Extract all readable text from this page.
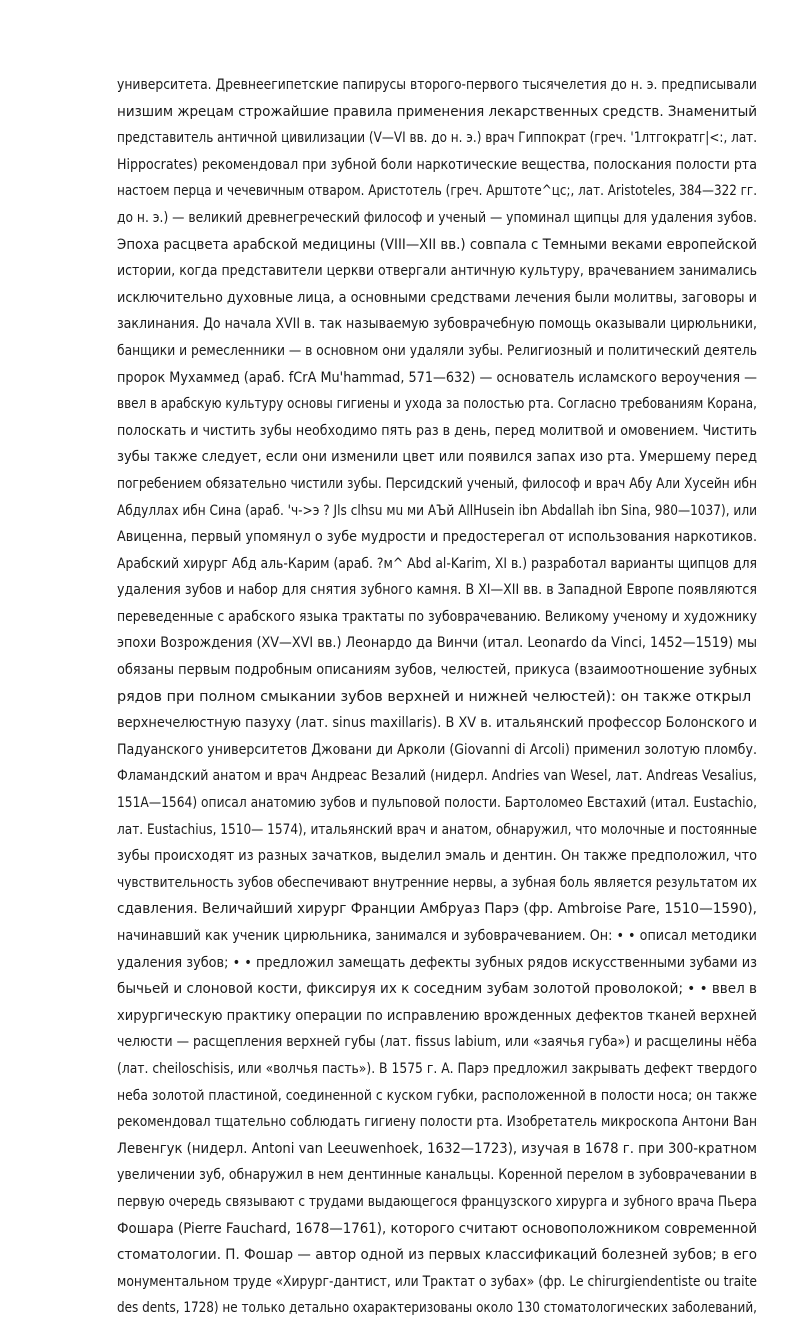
университета. Древнеегипетские папирусы второго-первого тысячелетия до н. э. предписывали
низшим жрецам строжайшие правила применения лекарственных средств. Знаменитый
представитель античной цивилизации (V—VI вв. до н. э.) врач Гиппократ (греч. '1лтгократг|<:, лат.
Hippocrates) рекомендовал при зубной боли наркотические вещества, полоскания полости рта
настоем перца и чечевичным отваром. Аристотель (греч. Арштоте^цс;, лат. Aristoteles, 384—322 гг.
до н. э.) — великий древнегреческий философ и ученый — упоминал щипцы для удаления зубов.
Эпоха расцвета арабской медицины (VIII—XII вв.) совпала с Темными веками европейской
истории, когда представители церкви отвергали античную культуру, врачеванием занимались
исключительно духовные лица, а основными средствами лечения были молитвы, заговоры и
заклинания. До начала XVII в. так называемую зубоврачебную помощь оказывали цирюльники,
банщики и ремесленники — в основном они удаляли зубы. Религиозный и политический деятель
пророк Мухаммед (араб. fCrA Mu'hammad, 571—632) — основатель исламского вероучения —
ввел в арабскую культуру основы гигиены и ухода за полостью рта. Согласно требованиям Корана,
полоскать и чистить зубы необходимо пять раз в день, перед молитвой и омовением. Чистить
зубы также следует, если они изменили цвет или появился запах изо рта. Умершему перед
погребением обязательно чистили зубы. Персидский ученый, философ и врач Абу Али Хусейн ибн
Абдуллах ибн Сина (араб. 'ч->э ? Jls clhsu мu ми АЪй AllHusein ibn Abdallah ibn Sina, 980—1037), или
Авиценна, первый упомянул о зубе мудрости и предостерегал от использования наркотиков.
Арабский хирург Абд аль-Карим (араб. ?м^ Abd al-Karim, XI в.) разработал варианты щипцов для
удаления зубов и набор для снятия зубного камня. В XI—XII вв. в Западной Европе появляются
переведенные с арабского языка трактаты по зубоврачеванию. Великому ученому и художнику
эпохи Возрождения (XV—XVI вв.) Леонардо да Винчи (итал. Leonardo da Vinci, 1452—1519) мы
обязаны первым подробным описаниям зубов, челюстей, прикуса (взаимоотношение зубных
рядов при полном смыкании зубов верхней и нижней челюстей): он также открыл
верхнечелюстную пазуху (лат. sinus maxillaris). В XV в. итальянский профессор Болонского и
Падуанского университетов Джовани ди Арколи (Giovanni di Arcoli) применил золотую пломбу.
Фламандский анатом и врач Андреас Везалий (нидерл. Andries van Wesel, лат. Andreas Vesalius,
151А—1564) описал анатомию зубов и пульповой полости. Бартоломео Евстахий (итал. Eustachio,
лат. Eustachius, 1510— 1574), итальянский врач и анатом, обнаружил, что молочные и постоянные
зубы происходят из разных зачатков, выделил эмаль и дентин. Он также предположил, что
чувствительность зубов обеспечивают внутренние нервы, а зубная боль является результатом их
сдавления. Величайший хирург Франции Амбруаз Парэ (фр. Ambroise Pare, 1510—1590),
начинавший как ученик цирюльника, занимался и зубоврачеванием. Он: • • описал методики
удаления зубов; • • предложил замещать дефекты зубных рядов искусственными зубами из
бычьей и слоновой кости, фиксируя их к соседним зубам золотой проволокой; • • ввел в
хирургическую практику операции по исправлению врожденных дефектов тканей верхней
челюсти — расщепления верхней губы (лат. fissus labium, или «заячья губа») и расщелины нёба
(лат. cheiloschisis, или «волчья пасть»). В 1575 г. А. Парэ предложил закрывать дефект твердого
неба золотой пластиной, соединенной с куском губки, расположенной в полости носа; он также
рекомендовал тщательно соблюдать гигиену полости рта. Изобретатель микроскопа Антони Ван
Левенгук (нидерл. Antoni van Leeuwenhoek, 1632—1723), изучая в 1678 г. при 300-кратном
увеличении зуб, обнаружил в нем дентинные канальцы. Коренной перелом в зубоврачевании в
первую очередь связывают с трудами выдающегося французского хирурга и зубного врача Пьера
Фошара (Pierre Fauchard, 1678—1761), которого считают основоположником современной
стоматологии. П. Фошар — автор одной из первых классификаций болезней зубов; в его
монументальном труде «Хирург-дантист, или Трактат о зубах» (фр. Le chirurgiendentiste ou traite
des dents, 1728) не только детально охарактеризованы около 130 стоматологических заболеваний,
